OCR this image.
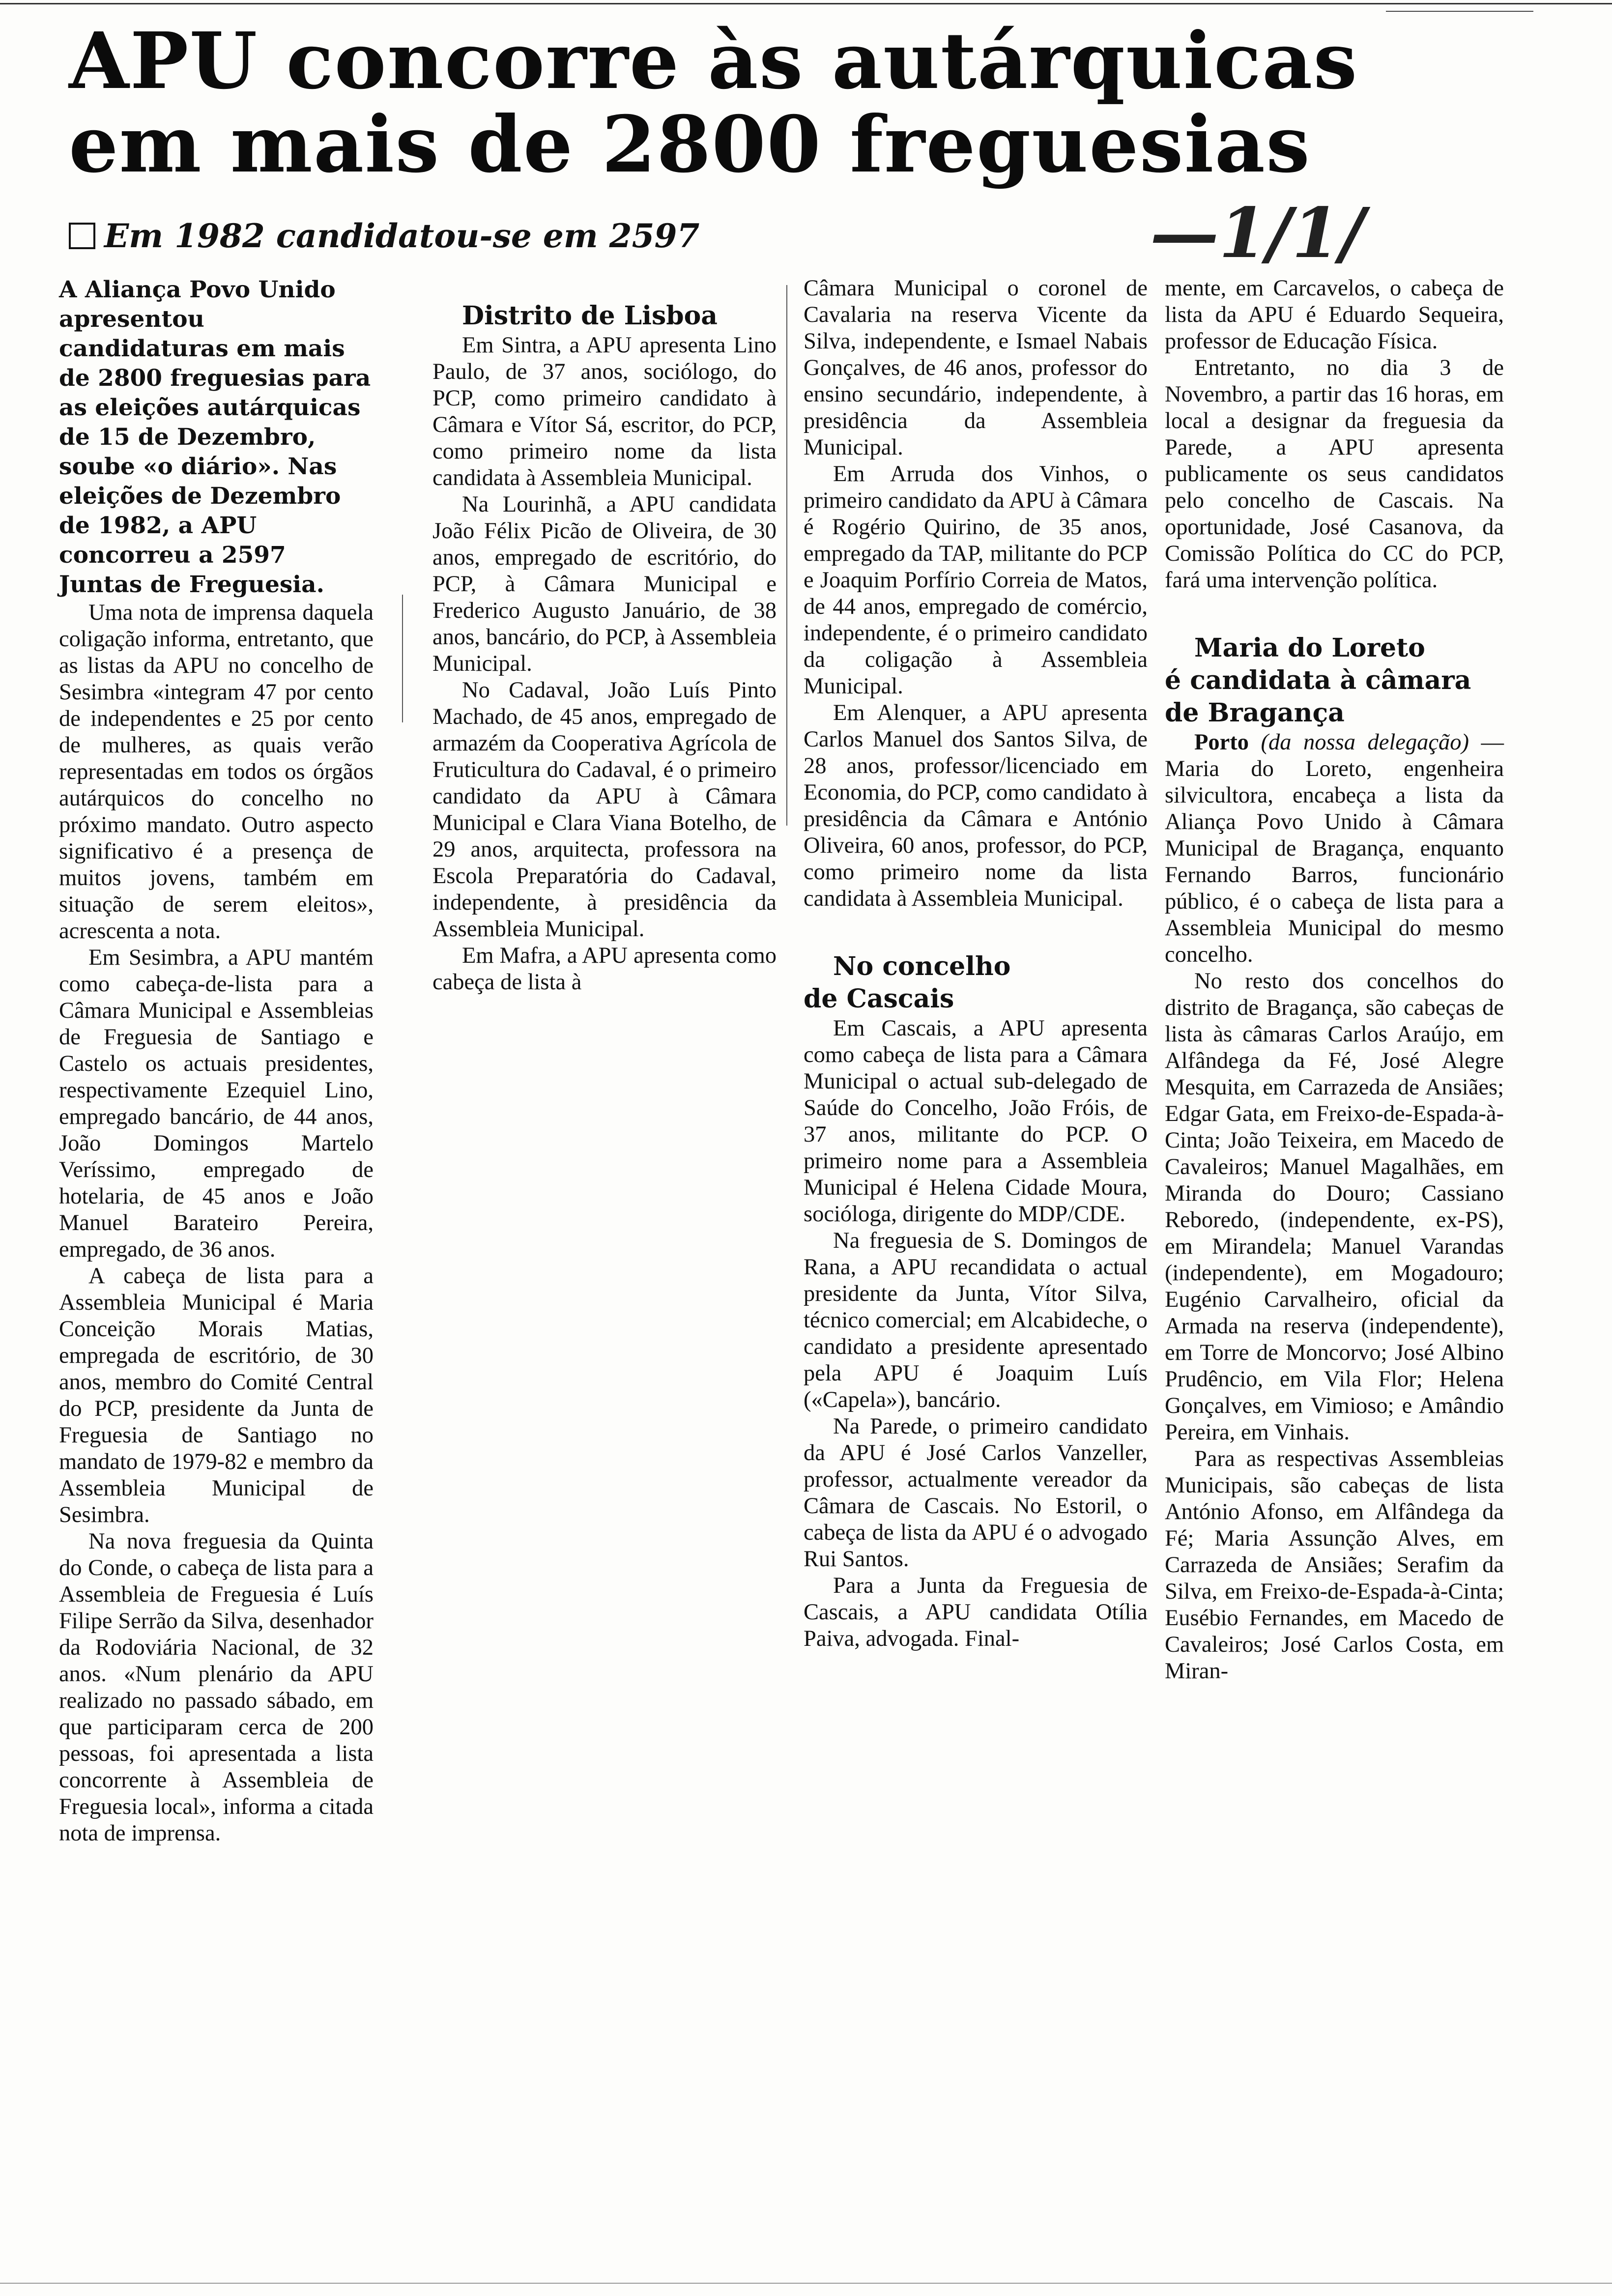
APU concorre às autárquicas
em mais de 2800 freguesias
Em 1982 candidatou-se em 2597	—1/1/

A Aliança Povo Unido apresentou candidaturas em mais de 2800 freguesias para as eleições autárquicas de 15 de Dezembro, soube «o diário». Nas eleições de Dezembro de 1982, a APU concorreu a 2597 Juntas de Freguesia.

Uma nota de imprensa daquela coligação informa, entretanto, que as listas da APU no concelho de Sesimbra «integram 47 por cento de independentes e 25 por cento de mulheres, as quais verão representadas em todos os órgãos autárquicos do concelho no próximo mandato. Outro aspecto significativo é a presença de muitos jovens, também em situação de serem eleitos», acrescenta a nota.

Em Sesimbra, a APU mantém como cabeça-de-lista para a Câmara Municipal e Assembleias de Freguesia de Santiago e Castelo os actuais presidentes, respectivamente Ezequiel Lino, empregado bancário, de 44 anos, João Domingos Martelo Veríssimo, empregado de hotelaria, de 45 anos e João Manuel Barateiro Pereira, empregado, de 36 anos.

A cabeça de lista para a Assembleia Municipal é Maria Conceição Morais Matias, empregada de escritório, de 30 anos, membro do Comité Central do PCP, presidente da Junta de Freguesia de Santiago no mandato de 1979-82 e membro da Assembleia Municipal de Sesimbra.

Na nova freguesia da Quinta do Conde, o cabeça de lista para a Assembleia de Freguesia é Luís Filipe Serrão da Silva, desenhador da Rodoviária Nacional, de 32 anos. «Num plenário da APU realizado no passado sábado, em que participaram cerca de 200 pessoas, foi apresentada a lista concorrente à Assembleia de Freguesia local», informa a citada nota de imprensa.

Distrito de Lisboa

Em Sintra, a APU apresenta Lino Paulo, de 37 anos, sociólogo, do PCP, como primeiro candidato à Câmara e Vítor Sá, escritor, do PCP, como primeiro nome da lista candidata à Assembleia Municipal.

Na Lourinhã, a APU candidata João Félix Picão de Oliveira, de 30 anos, empregado de escritório, do PCP, à Câmara Municipal e Frederico Augusto Januário, de 38 anos, bancário, do PCP, à Assembleia Municipal.

No Cadaval, João Luís Pinto Machado, de 45 anos, empregado de armazém da Cooperativa Agrícola de Fruticultura do Cadaval, é o primeiro candidato da APU à Câmara Municipal e Clara Viana Botelho, de 29 anos, arquitecta, professora na Escola Preparatória do Cadaval, independente, à presidência da Assembleia Municipal.

Em Mafra, a APU apresenta como cabeça de lista à

Câmara Municipal o coronel de Cavalaria na reserva Vicente da Silva, independente, e Ismael Nabais Gonçalves, de 46 anos, professor do ensino secundário, independente, à presidência da Assembleia Municipal.

Em Arruda dos Vinhos, o primeiro candidato da APU à Câmara é Rogério Quirino, de 35 anos, empregado da TAP, militante do PCP e Joaquim Porfírio Correia de Matos, de 44 anos, empregado de comércio, independente, é o primeiro candidato da coligação à Assembleia Municipal.

Em Alenquer, a APU apresenta Carlos Manuel dos Santos Silva, de 28 anos, professor/licenciado em Economia, do PCP, como candidato à presidência da Câmara e António Oliveira, 60 anos, professor, do PCP, como primeiro nome da lista candidata à Assembleia Municipal.

No concelho
de Cascais

Em Cascais, a APU apresenta como cabeça de lista para a Câmara Municipal o actual sub-delegado de Saúde do Concelho, João Fróis, de 37 anos, militante do PCP. O primeiro nome para a Assembleia Municipal é Helena Cidade Moura, socióloga, dirigente do MDP/CDE.

Na freguesia de S. Domingos de Rana, a APU recandidata o actual presidente da Junta, Vítor Silva, técnico comercial; em Alcabideche, o candidato a presidente apresentado pela APU é Joaquim Luís («Capela»), bancário.

Na Parede, o primeiro candidato da APU é José Carlos Vanzeller, professor, actualmente vereador da Câmara de Cascais. No Estoril, o cabeça de lista da APU é o advogado Rui Santos.

Para a Junta da Freguesia de Cascais, a APU candidata Otília Paiva, advogada. Final-

mente, em Carcavelos, o cabeça de lista da APU é Eduardo Sequeira, professor de Educação Física.

Entretanto, no dia 3 de Novembro, a partir das 16 horas, em local a designar da freguesia da Parede, a APU apresenta publicamente os seus candidatos pelo concelho de Cascais. Na oportunidade, José Casanova, da Comissão Política do CC do PCP, fará uma intervenção política.

Maria do Loreto
é candidata à câmara
de Bragança

Porto (da nossa delegação) — Maria do Loreto, engenheira silvicultora, encabeça a lista da Aliança Povo Unido à Câmara Municipal de Bragança, enquanto Fernando Barros, funcionário público, é o cabeça de lista para a Assembleia Municipal do mesmo concelho.

No resto dos concelhos do distrito de Bragança, são cabeças de lista às câmaras Carlos Araújo, em Alfândega da Fé, José Alegre Mesquita, em Carrazeda de Ansiães; Edgar Gata, em Freixo-de-Espada-à-Cinta; João Teixeira, em Macedo de Cavaleiros; Manuel Magalhães, em Miranda do Douro; Cassiano Reboredo, (independente, ex-PS), em Mirandela; Manuel Varandas (independente), em Mogadouro; Eugénio Carvalheiro, oficial da Armada na reserva (independente), em Torre de Moncorvo; José Albino Prudêncio, em Vila Flor; Helena Gonçalves, em Vimioso; e Amândio Pereira, em Vinhais.

Para as respectivas Assembleias Municipais, são cabeças de lista António Afonso, em Alfândega da Fé; Maria Assunção Alves, em Carrazeda de Ansiães; Serafim da Silva, em Freixo-de-Espada-à-Cinta; Eusébio Fernandes, em Macedo de Cavaleiros; José Carlos Costa, em Miran-
